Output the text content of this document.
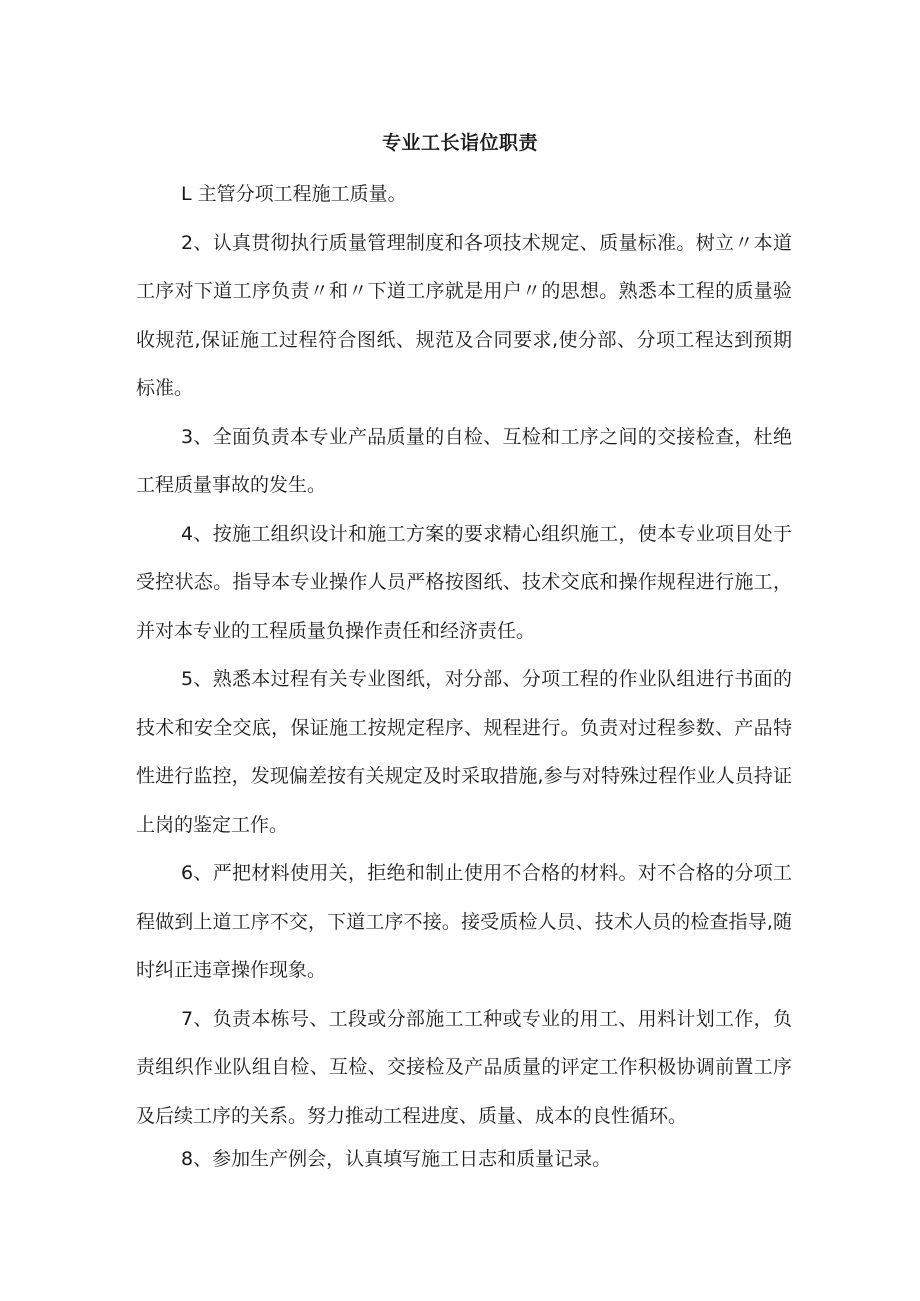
专业工长诣位职责

L 主管分项工程施工质量。

2、认真贯彻执行质量管理制度和各项技术规定、质量标准。树立〃本道工序对下道工序负责〃和〃下道工序就是用户〃的思想。熟悉本工程的质量验收规范,保证施工过程符合图纸、规范及合同要求,使分部、分项工程达到预期标准。

3、全面负责本专业产品质量的自检、互检和工序之间的交接检查，杜绝工程质量事故的发生。

4、按施工组织设计和施工方案的要求精心组织施工，使本专业项目处于受控状态。指导本专业操作人员严格按图纸、技术交底和操作规程进行施工，并对本专业的工程质量负操作责任和经济责任。

5、熟悉本过程有关专业图纸，对分部、分项工程的作业队组进行书面的技术和安全交底，保证施工按规定程序、规程进行。负责对过程参数、产品特性进行监控，发现偏差按有关规定及时采取措施,参与对特殊过程作业人员持证上岗的鉴定工作。

6、严把材料使用关，拒绝和制止使用不合格的材料。对不合格的分项工程做到上道工序不交，下道工序不接。接受质检人员、技术人员的检查指导,随时纠正违章操作现象。

7、负责本栋号、工段或分部施工工种或专业的用工、用料计划工作，负责组织作业队组自检、互检、交接检及产品质量的评定工作积极协调前置工序及后续工序的关系。努力推动工程进度、质量、成本的良性循环。

8、参加生产例会，认真填写施工日志和质量记录。
